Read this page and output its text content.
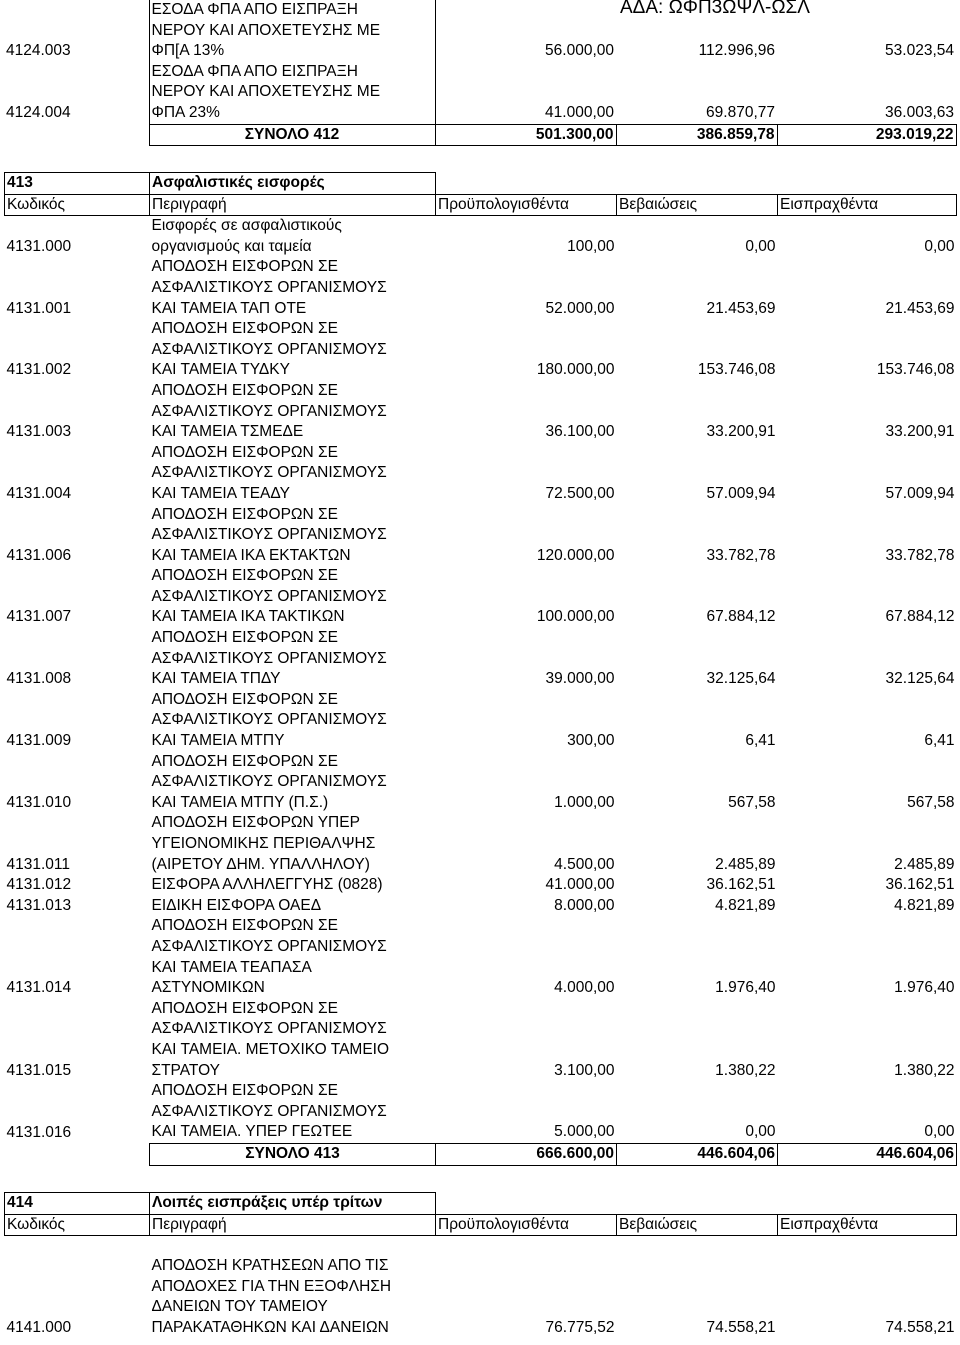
ΑΔΑ: ΩΦΠ3ΩΨΛ-ΩΣΛ
4124.003	ΕΣΟΔΑ ΦΠΑ ΑΠΟ ΕΙΣΠΡΑΞΗ
ΝΕΡΟΥ ΚΑΙ ΑΠΟΧΕΤΕΥΣΗΣ ΜΕ
ΦΠ[Α 13%	56.000,00	112.996,96	53.023,54
4124.004	ΕΣΟΔΑ ΦΠΑ ΑΠΟ ΕΙΣΠΡΑΞΗ
ΝΕΡΟΥ ΚΑΙ ΑΠΟΧΕΤΕΥΣΗΣ ΜΕ
ΦΠΑ 23%	41.000,00	69.870,77	36.003,63
	ΣΥΝΟΛΟ 412	501.300,00	386.859,78	293.019,22
413	Ασφαλιστικές εισφορές			
Κωδικός	Περιγραφή	Προϋπολογισθέντα	Βεβαιώσεις	Εισπραχθέντα
4131.000	Εισφορές σε ασφαλιστικούς
οργανισμούς και ταμεία	100,00	0,00	0,00
4131.001	ΑΠΟΔΟΣΗ ΕΙΣΦΟΡΩΝ ΣΕ
ΑΣΦΑΛΙΣΤΙΚΟΥΣ ΟΡΓΑΝΙΣΜΟΥΣ
ΚΑΙ ΤΑΜΕΙΑ ΤΑΠ ΟΤΕ	52.000,00	21.453,69	21.453,69
4131.002	ΑΠΟΔΟΣΗ ΕΙΣΦΟΡΩΝ ΣΕ
ΑΣΦΑΛΙΣΤΙΚΟΥΣ ΟΡΓΑΝΙΣΜΟΥΣ
ΚΑΙ ΤΑΜΕΙΑ ΤΥΔΚΥ	180.000,00	153.746,08	153.746,08
4131.003	ΑΠΟΔΟΣΗ ΕΙΣΦΟΡΩΝ ΣΕ
ΑΣΦΑΛΙΣΤΙΚΟΥΣ ΟΡΓΑΝΙΣΜΟΥΣ
ΚΑΙ ΤΑΜΕΙΑ ΤΣΜΕΔΕ	36.100,00	33.200,91	33.200,91
4131.004	ΑΠΟΔΟΣΗ ΕΙΣΦΟΡΩΝ ΣΕ
ΑΣΦΑΛΙΣΤΙΚΟΥΣ ΟΡΓΑΝΙΣΜΟΥΣ
ΚΑΙ ΤΑΜΕΙΑ ΤΕΑΔΥ	72.500,00	57.009,94	57.009,94
4131.006	ΑΠΟΔΟΣΗ ΕΙΣΦΟΡΩΝ ΣΕ
ΑΣΦΑΛΙΣΤΙΚΟΥΣ ΟΡΓΑΝΙΣΜΟΥΣ
ΚΑΙ ΤΑΜΕΙΑ ΙΚΑ ΕΚΤΑΚΤΩΝ	120.000,00	33.782,78	33.782,78
4131.007	ΑΠΟΔΟΣΗ ΕΙΣΦΟΡΩΝ ΣΕ
ΑΣΦΑΛΙΣΤΙΚΟΥΣ ΟΡΓΑΝΙΣΜΟΥΣ
ΚΑΙ ΤΑΜΕΙΑ ΙΚΑ ΤΑΚΤΙΚΩΝ	100.000,00	67.884,12	67.884,12
4131.008	ΑΠΟΔΟΣΗ ΕΙΣΦΟΡΩΝ ΣΕ
ΑΣΦΑΛΙΣΤΙΚΟΥΣ ΟΡΓΑΝΙΣΜΟΥΣ
ΚΑΙ ΤΑΜΕΙΑ ΤΠΔΥ	39.000,00	32.125,64	32.125,64
4131.009	ΑΠΟΔΟΣΗ ΕΙΣΦΟΡΩΝ ΣΕ
ΑΣΦΑΛΙΣΤΙΚΟΥΣ ΟΡΓΑΝΙΣΜΟΥΣ
ΚΑΙ ΤΑΜΕΙΑ ΜΤΠΥ	300,00	6,41	6,41
4131.010	ΑΠΟΔΟΣΗ ΕΙΣΦΟΡΩΝ ΣΕ
ΑΣΦΑΛΙΣΤΙΚΟΥΣ ΟΡΓΑΝΙΣΜΟΥΣ
ΚΑΙ ΤΑΜΕΙΑ ΜΤΠΥ (Π.Σ.)	1.000,00	567,58	567,58
4131.011	ΑΠΟΔΟΣΗ ΕΙΣΦΟΡΩΝ ΥΠΕΡ
ΥΓΕΙΟΝΟΜΙΚΗΣ ΠΕΡΙΘΑΛΨΗΣ
(ΑΙΡΕΤΟΥ ΔΗΜ. ΥΠΑΛΛΗΛΟΥ)	4.500,00	2.485,89	2.485,89
4131.012	ΕΙΣΦΟΡΑ ΑΛΛΗΛΕΓΓΥΗΣ (0828)	41.000,00	36.162,51	36.162,51
4131.013	ΕΙΔΙΚΗ ΕΙΣΦΟΡΑ ΟΑΕΔ	8.000,00	4.821,89	4.821,89
4131.014	ΑΠΟΔΟΣΗ ΕΙΣΦΟΡΩΝ ΣΕ
ΑΣΦΑΛΙΣΤΙΚΟΥΣ ΟΡΓΑΝΙΣΜΟΥΣ
ΚΑΙ ΤΑΜΕΙΑ ΤΕΑΠΑΣΑ
ΑΣΤΥΝΟΜΙΚΩΝ	4.000,00	1.976,40	1.976,40
4131.015	ΑΠΟΔΟΣΗ ΕΙΣΦΟΡΩΝ ΣΕ
ΑΣΦΑΛΙΣΤΙΚΟΥΣ ΟΡΓΑΝΙΣΜΟΥΣ
ΚΑΙ ΤΑΜΕΙΑ. ΜΕΤΟΧΙΚΟ ΤΑΜΕΙΟ
ΣΤΡΑΤΟΥ	3.100,00	1.380,22	1.380,22
4131.016	ΑΠΟΔΟΣΗ ΕΙΣΦΟΡΩΝ ΣΕ
ΑΣΦΑΛΙΣΤΙΚΟΥΣ ΟΡΓΑΝΙΣΜΟΥΣ
ΚΑΙ ΤΑΜΕΙΑ. ΥΠΕΡ ΓΕΩΤΕΕ	5.000,00	0,00	0,00
	ΣΥΝΟΛΟ 413	666.600,00	446.604,06	446.604,06
414	Λοιπές εισπράξεις υπέρ τρίτων			
Κωδικός	Περιγραφή	Προϋπολογισθέντα	Βεβαιώσεις	Εισπραχθέντα

4141.000	ΑΠΟΔΟΣΗ ΚΡΑΤΗΣΕΩΝ ΑΠΟ ΤΙΣ
ΑΠΟΔΟΧΕΣ ΓΙΑ ΤΗΝ ΕΞΟΦΛΗΣΗ
ΔΑΝΕΙΩΝ ΤΟΥ ΤΑΜΕΙΟΥ
ΠΑΡΑΚΑΤΑΘΗΚΩΝ ΚΑΙ ΔΑΝΕΙΩΝ	76.775,52	74.558,21	74.558,21
